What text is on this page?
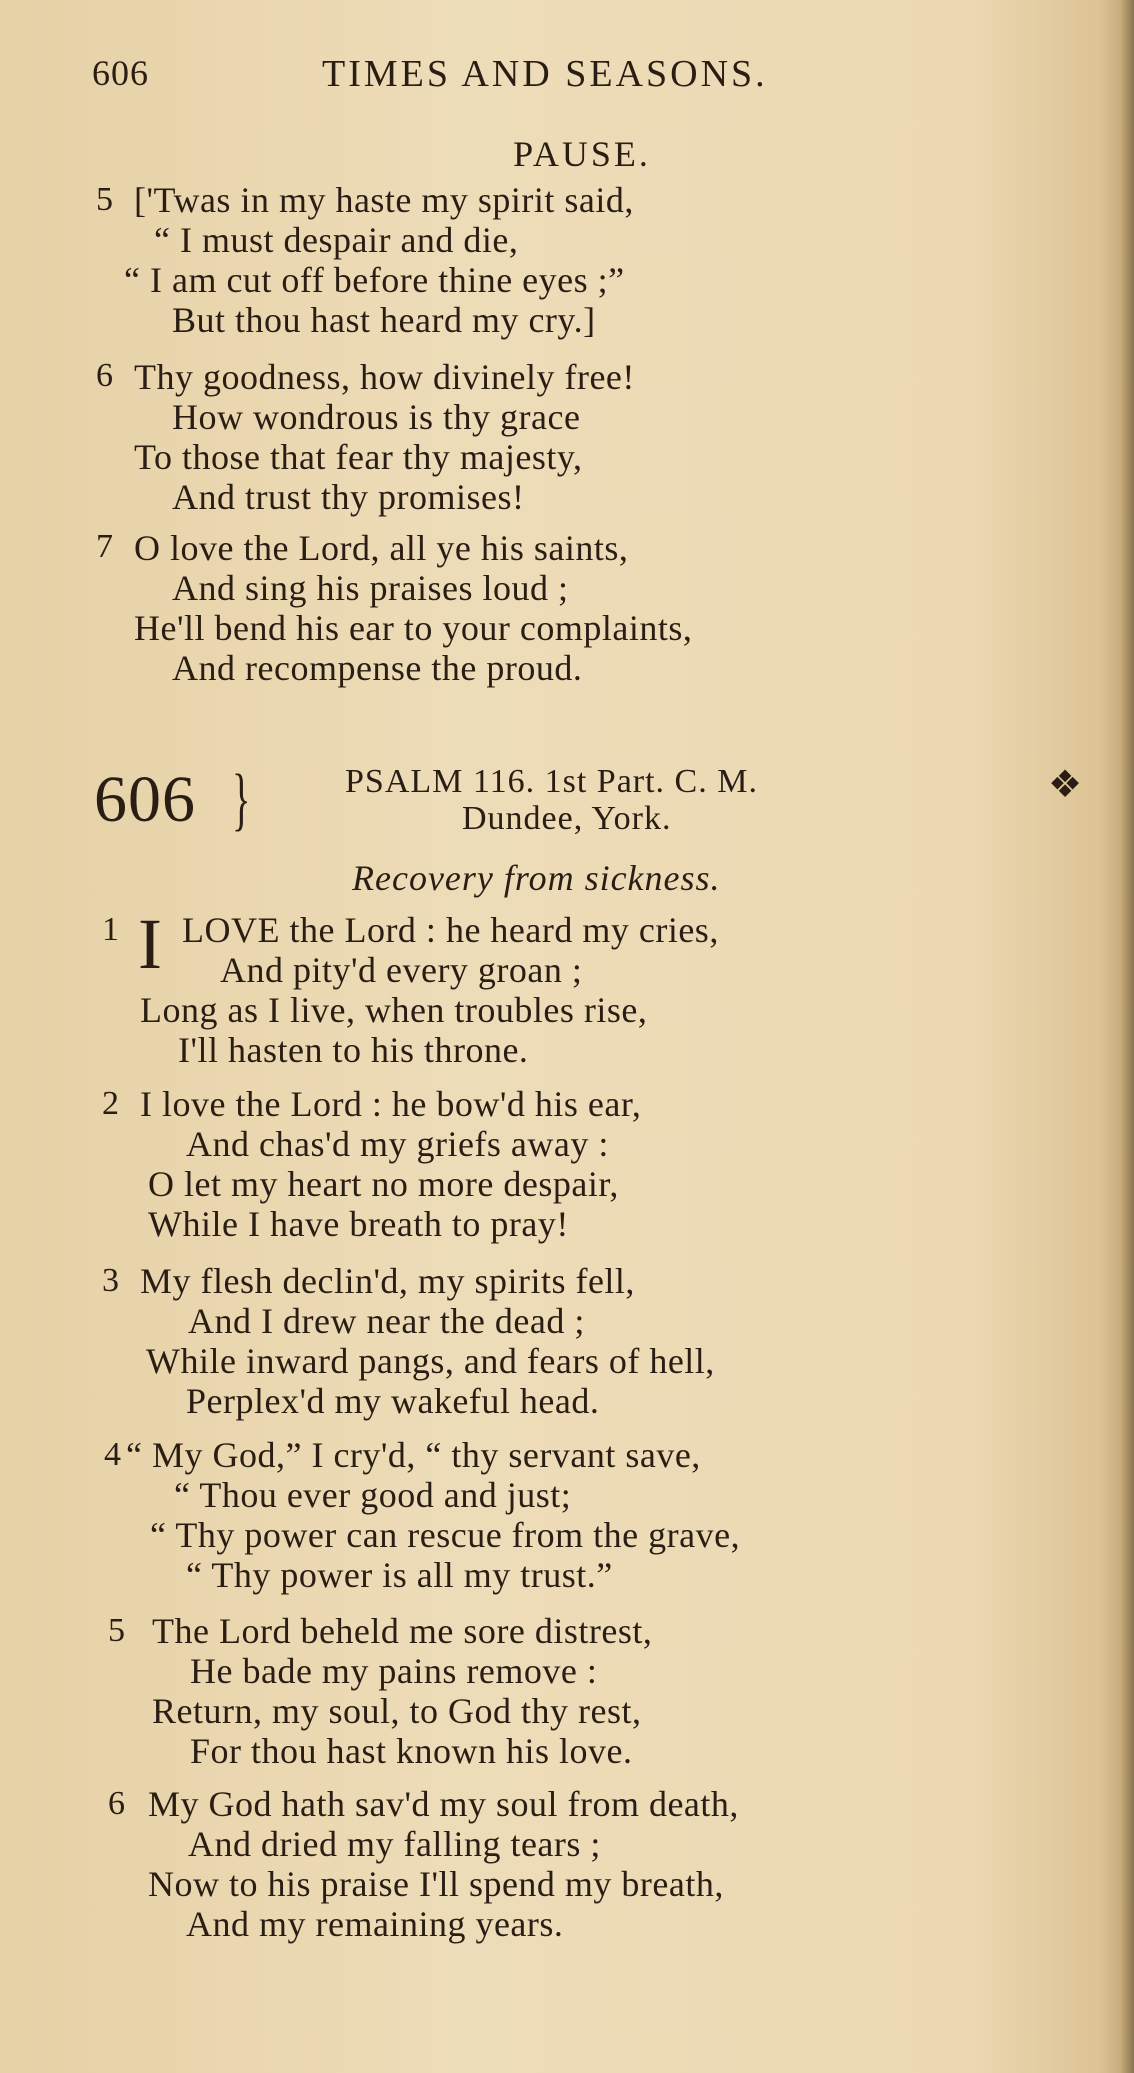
606	TIMES AND SEASONS.
PAUSE.
5 ['Twas in my haste my spirit said,
“ I must despair and die,
“ I am cut off before thine eyes ;”
But thou hast heard my cry.]
6 Thy goodness, how divinely free!
How wondrous is thy grace
To those that fear thy majesty,
And trust thy promises!
7 O love the Lord, all ye his saints,
And sing his praises loud ;
He'll bend his ear to your complaints,
And recompense the proud.
606 }	PSALM 116. 1st Part. C. M.
Dundee, York.
❖
Recovery from sickness.
1 I LOVE the Lord : he heard my cries,
And pity'd every groan ;
Long as I live, when troubles rise,
I'll hasten to his throne.
2 I love the Lord : he bow'd his ear,
And chas'd my griefs away :
O let my heart no more despair,
While I have breath to pray!
3 My flesh declin'd, my spirits fell,
And I drew near the dead ;
While inward pangs, and fears of hell,
Perplex'd my wakeful head.
4 “ My God,” I cry'd, “ thy servant save,
“ Thou ever good and just;
“ Thy power can rescue from the grave,
“ Thy power is all my trust.”
5 The Lord beheld me sore distrest,
He bade my pains remove :
Return, my soul, to God thy rest,
For thou hast known his love.
6 My God hath sav'd my soul from death,
And dried my falling tears ;
Now to his praise I'll spend my breath,
And my remaining years.
